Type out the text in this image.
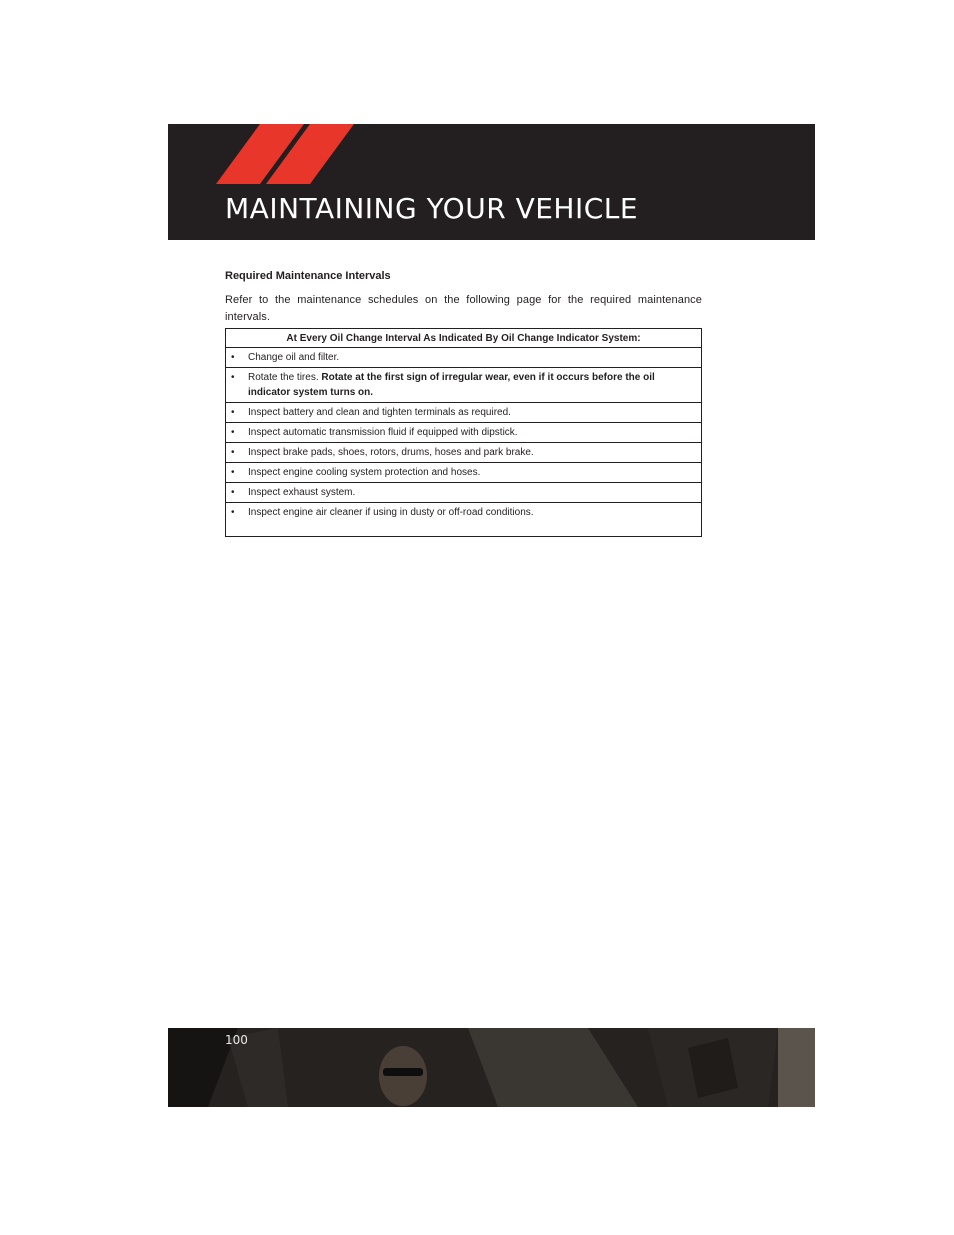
MAINTAINING YOUR VEHICLE

Required Maintenance Intervals

Refer to the maintenance schedules on the following page for the required maintenance intervals.

At Every Oil Change Interval As Indicated By Oil Change Indicator System:

• Change oil and filter.

• Rotate the tires. Rotate at the first sign of irregular wear, even if it occurs before the oil indicator system turns on.

• Inspect battery and clean and tighten terminals as required.

• Inspect automatic transmission fluid if equipped with dipstick.

• Inspect brake pads, shoes, rotors, drums, hoses and park brake.

• Inspect engine cooling system protection and hoses.

• Inspect exhaust system.

• Inspect engine air cleaner if using in dusty or off-road conditions.
100
